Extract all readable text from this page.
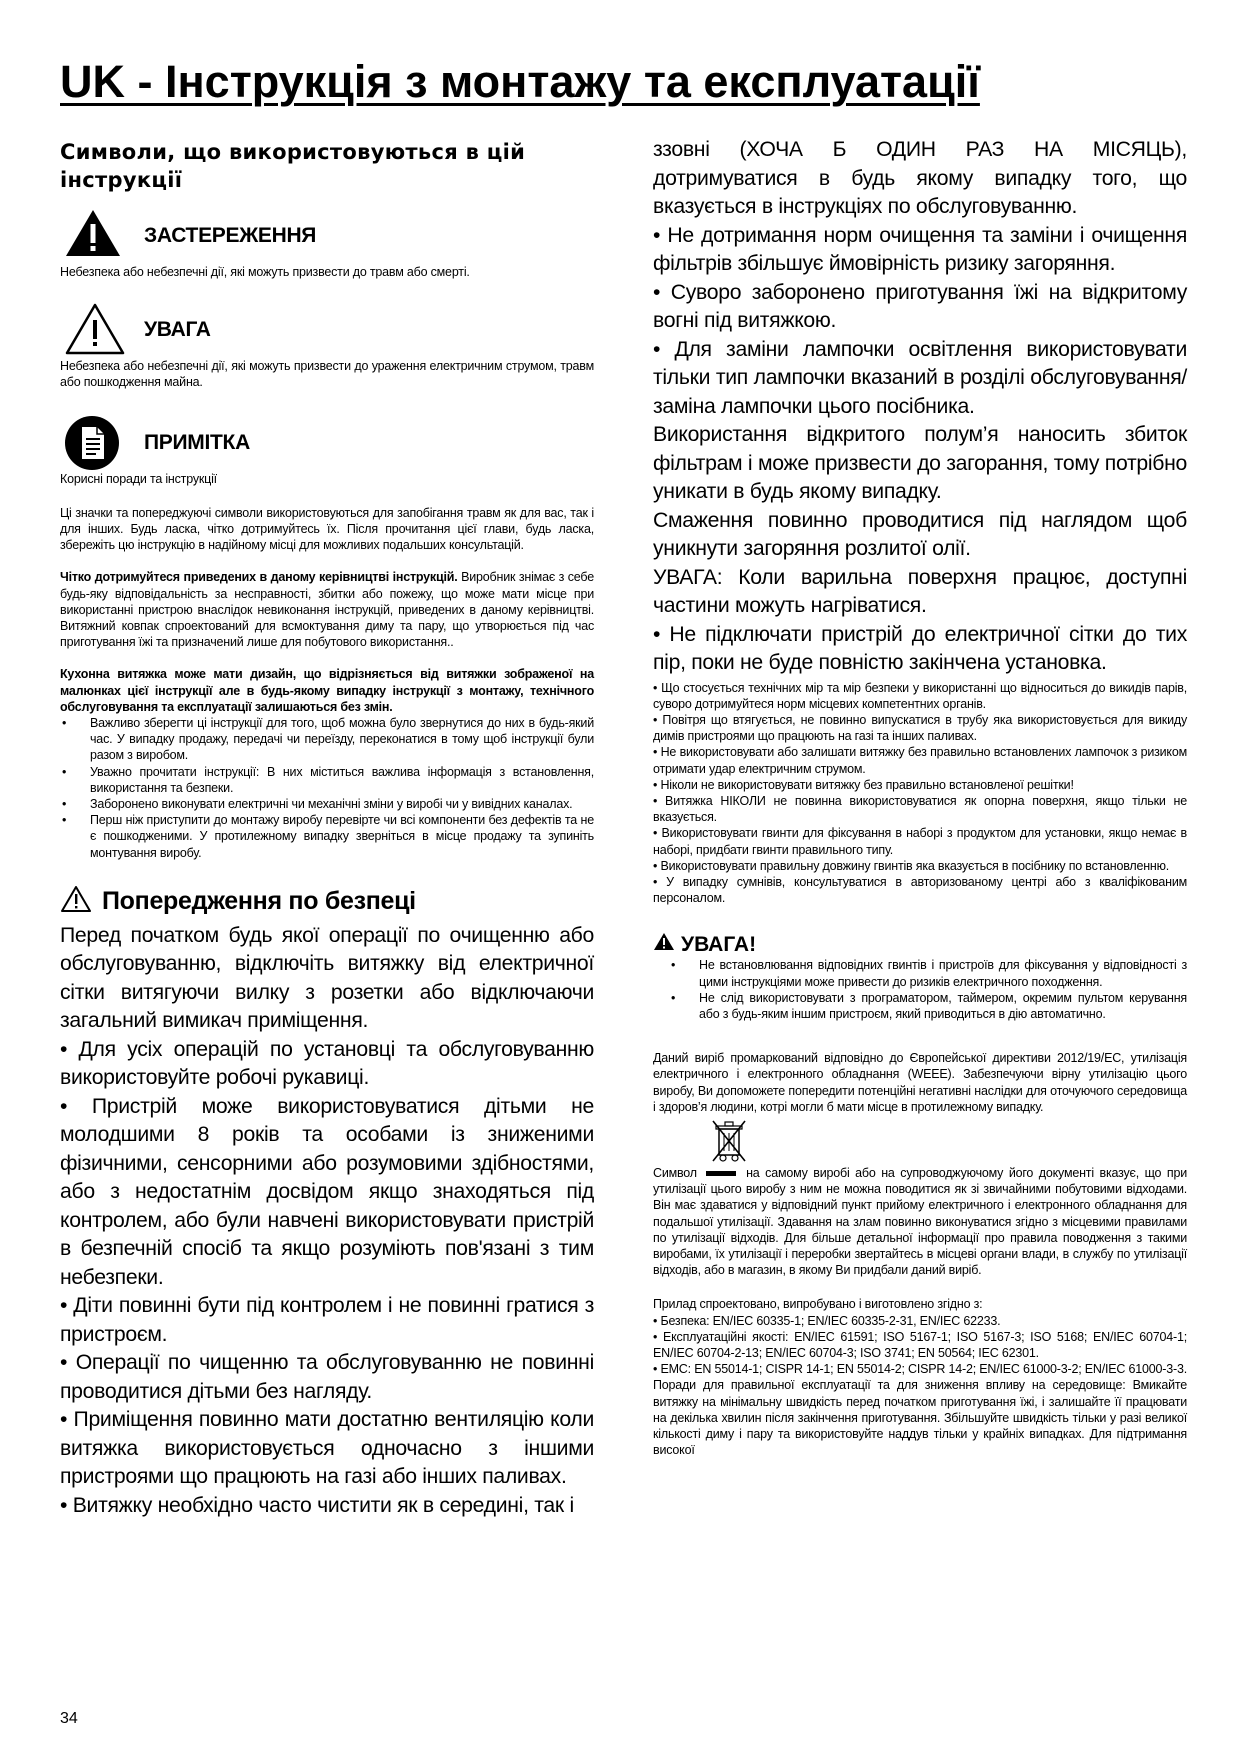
UK - Інструкція з монтажу та експлуатації
Символи, що використовуються в цій інструкції
ЗАСТЕРЕЖЕННЯ

Небезпека або небезпечні дії, які можуть призвести до травм або смерті.

УВАГА

Небезпека або небезпечні дії, які можуть призвести до ураження електричним струмом, травм або пошкодження майна.

ПРИМІТКА

Корисні поради та інструкції

Ці значки та попереджуючі символи використовуються для запобігання травм як для вас, так і для інших. Будь ласка, чітко дотримуйтесь їх. Після прочитання цієї глави, будь ласка, збережіть цю інструкцію в надійному місці для можливих подальших консультацій.

Чітко дотримуйтеся приведених в даному керівництві інструкцій. Виробник знімає з себе будь-яку відповідальність за несправності, збитки або пожежу, що може мати місце при використанні пристрою внаслідок невиконання інструкцій, приведених в даному керівництві. Витяжний ковпак спроектований для всмоктування диму та пару, що утворюється під час приготування їжі та призначений лише для побутового використання..

Кухонна витяжка може мати дизайн, що відрізняється від витяжки зображеної на малюнках цієї інструкції але в будь-якому випадку інструкції з монтажу, технічного обслуговування та експлуатації залишаються без змін.

• Важливо зберегти ці інструкції для того, щоб можна було звернутися до них в будь-який час. У випадку продажу, передачі чи переїзду, переконатися в тому щоб інструкції були разом з виробом.
• Уважно прочитати інструкції: В них міститься важлива інформація з встановлення, використання та безпеки.
• Заборонено виконувати електричні чи механічні зміни у виробі чи у вивідних каналах.
• Перш ніж приступити до монтажу виробу перевірте чи всі компоненти без дефектів та не є пошкодженими. У протилежному випадку зверніться в місце продажу та зупиніть монтування виробу.
Попередження по безпеці

Перед початком будь якої операції по очищенню або обслуговуванню, відключіть витяжку від електричної сітки витягуючи вилку з розетки або відключаючи загальний вимикач приміщення.

• Для усіх операцій по установці та обслуговуванню використовуйте робочі рукавиці.

• Пристрій може використовуватися дітьми не молодшими 8 років та особами із зниженими фізичними, сенсорними або розумовими здібностями, або з недостатнім досвідом якщо знаходяться під контролем, або були навчені використовувати пристрій в безпечній спосіб та якщо розуміють пов'язані з тим небезпеки.

• Діти повинні бути під контролем і не повинні гратися з пристроєм.

• Операції по чищенню та обслуговуванню не повинні проводитися дітьми без нагляду.

• Приміщення повинно мати достатню вентиляцію коли витяжка використовується одночасно з іншими пристроями що працюють на газі або інших паливах.

• Витяжку необхідно часто чистити як в середині, так і

ззовні (ХОЧА Б ОДИН РАЗ НА МІСЯЦЬ), дотримуватися в будь якому випадку того, що вказується в інструкціях по обслуговуванню.

• Не дотримання норм очищення та заміни і очищення фільтрів збільшує ймовірність ризику загоряння.

• Суворо заборонено приготування їжі на відкритому вогні під витяжкою.

• Для заміни лампочки освітлення використовувати тільки тип лампочки вказаний в розділі обслуговування/заміна лампочки цього посібника.

Використання відкритого полум’я наносить збиток фільтрам і може призвести до загорання, тому потрібно уникати в будь якому випадку.

Смаження повинно проводитися під наглядом щоб уникнути загоряння розлитої олії.

УВАГА: Коли варильна поверхня працює, доступні частини можуть нагріватися.

• Не підключати пристрій до електричної сітки до тих пір, поки не буде повністю закінчена установка.

• Що стосується технічних мір та мір безпеки у використанні що відноситься до викидів парів, суворо дотримуйтеся норм місцевих компетентних органів.

• Повітря що втягується, не повинно випускатися в трубу яка використовується для викиду димів пристроями що працюють на газі та інших паливах.

• Не використовувати або залишати витяжку без правильно встановлених лампочок з ризиком отримати удар електричним струмом.

• Ніколи не використовувати витяжку без правильно встановленої решітки!

• Витяжка НІКОЛИ не повинна використовуватися як опорна поверхня, якщо тільки не вказується.

• Використовувати гвинти для фіксування в наборі з продуктом для установки, якщо немає в наборі, придбати гвинти правильного типу.

• Використовувати правильну довжину гвинтів яка вказується в посібнику по встановленню.

• У випадку сумнівів, консультуватися в авторизованому центрі або з кваліфікованим персоналом.

УВАГА!
• Не встановлювання відповідних гвинтів і пристроїв для фіксування у відповідності з цими інструкціями може привести до ризиків електричного походження.
• Не слід використовувати з програматором, таймером, окремим пультом керування або з будь-яким іншим пристроєм, який приводиться в дію автоматично.

Даний виріб промаркований відповідно до Європейської директиви 2012/19/ЕС, утилізація електричного і електронного обладнання (WEEE). Забезпечуючи вірну утилізацію цього виробу, Ви допоможете попередити потенційні негативні наслідки для оточуючого середовища і здоров’я людини, котрі могли б мати місце в протилежному випадку.

Символ	на самому виробі або на супроводжуючому його документі вказує, що при утилізації цього виробу з ним не можна поводитися як зі звичайними побутовими відходами. Він має здаватися у відповідний пункт прийому електричного і електронного обладнання для подальшої утилізації. Здавання на злам повинно виконуватися згідно з місцевими правилами по утилізації відходів. Для більше детальної інформації про правила поводження з такими виробами, їх утилізації і переробки звертайтесь в місцеві органи влади, в службу по утилізації відходів, або в магазин, в якому Ви придбали даний виріб.

Прилад спроектовано, випробувано і виготовлено згідно з:

• Безпека: EN/IEC 60335-1; EN/IEC 60335-2-31, EN/IEC 62233.

• Експлуатаційні якості: EN/IEC 61591; ISO 5167-1; ISO 5167-3; ISO 5168; EN/IEC 60704-1; EN/IEC 60704-2-13; EN/IEC 60704-3; ISO 3741; EN 50564; IEC 62301.

• EMC: EN 55014-1; CISPR 14-1; EN 55014-2; CISPR 14-2; EN/IEC 61000-3-2; EN/IEC 61000-3-3. Поради для правильної експлуатації та для зниження впливу на середовище: Вмикайте витяжку на мінімальну швидкість перед початком приготування їжі, і залишайте її працювати на декілька хвилин після закінчення приготування. Збільшуйте швидкість тільки у разі великої кількості диму і пару та використовуйте наддув тільки у крайніх випадках. Для підтримання високої

34
